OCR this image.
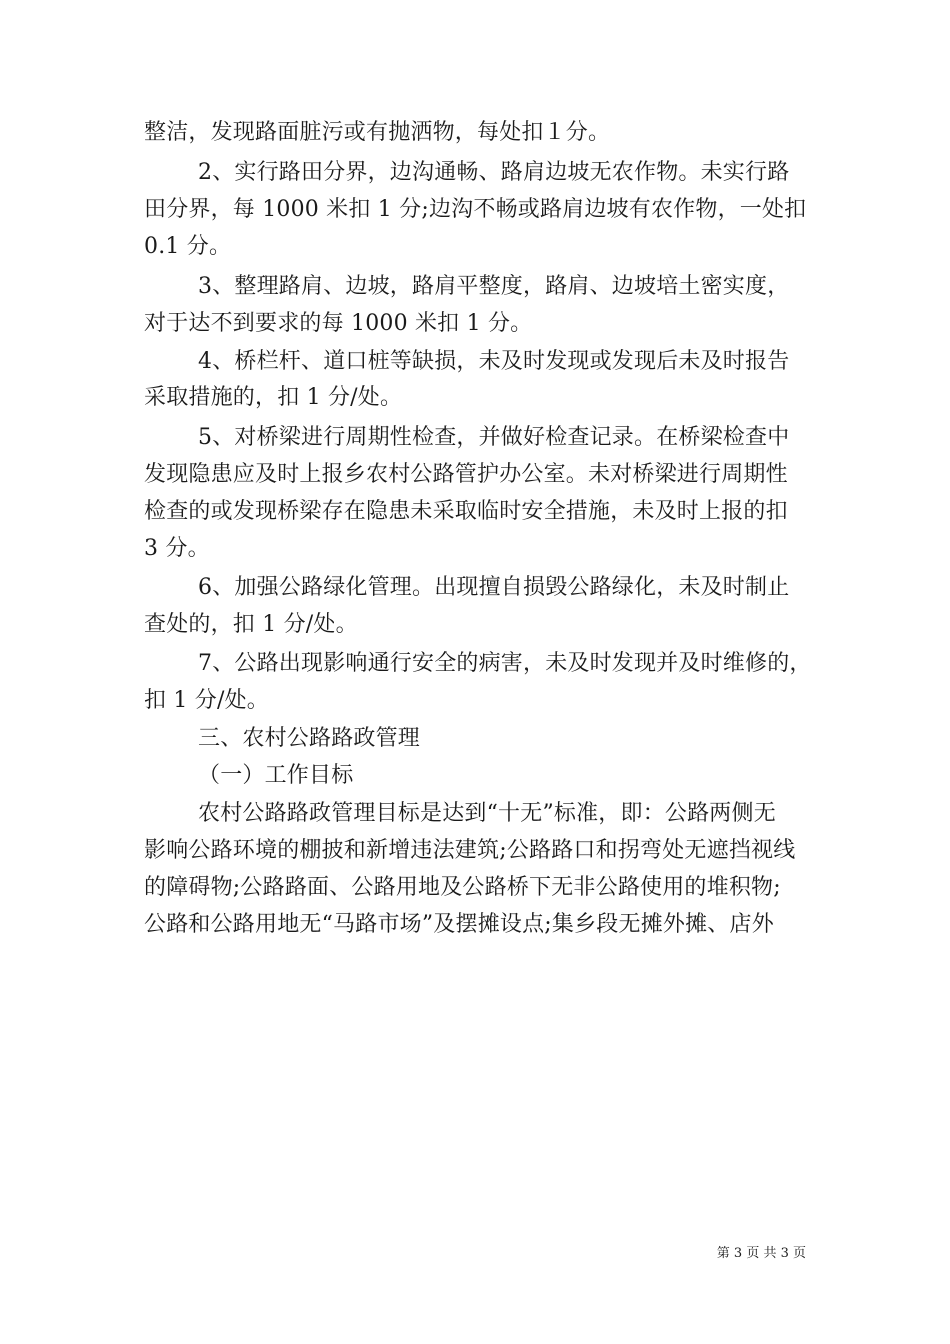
整洁，发现路面脏污或有抛洒物，每处扣１分。
2、实行路田分界，边沟通畅、路肩边坡无农作物。未实行路
田分界，每 1000 米扣 1 分;边沟不畅或路肩边坡有农作物，一处扣
0.1 分。
3、整理路肩、边坡，路肩平整度，路肩、边坡培土密实度，
对于达不到要求的每 1000 米扣 1 分。
4、桥栏杆、道口桩等缺损，未及时发现或发现后未及时报告
采取措施的，扣 1 分/处。
5、对桥梁进行周期性检查，并做好检查记录。在桥梁检查中
发现隐患应及时上报乡农村公路管护办公室。未对桥梁进行周期性
检查的或发现桥梁存在隐患未采取临时安全措施，未及时上报的扣
3 分。
6、加强公路绿化管理。出现擅自损毁公路绿化，未及时制止
查处的，扣 1 分/处。
7、公路出现影响通行安全的病害，未及时发现并及时维修的，
扣 1 分/处。
三、农村公路路政管理
（一）工作目标
农村公路路政管理目标是达到“十无”标准，即：公路两侧无
影响公路环境的棚披和新增违法建筑;公路路口和拐弯处无遮挡视线
的障碍物;公路路面、公路用地及公路桥下无非公路使用的堆积物;
公路和公路用地无“马路市场”及摆摊设点;集乡段无摊外摊、店外
第 3 页 共 3 页
